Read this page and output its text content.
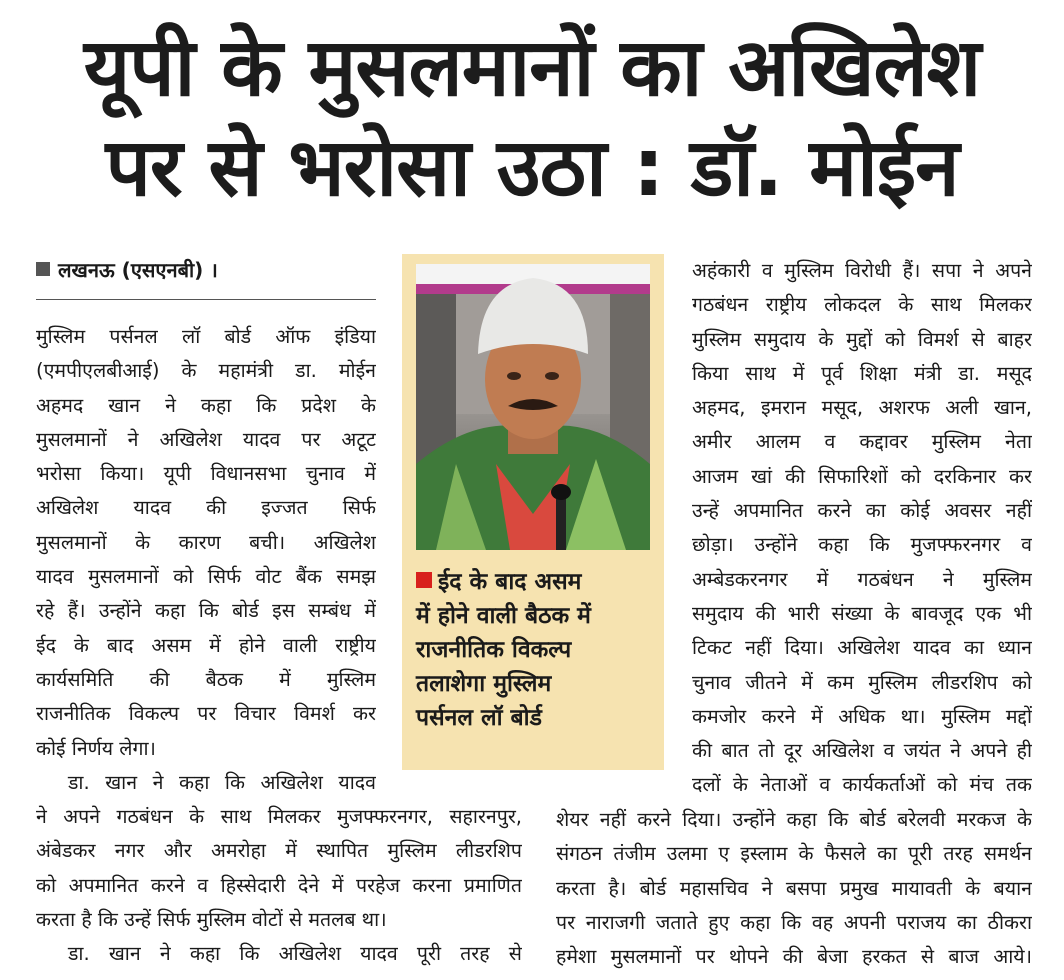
यूपी के मुसलमानों का अखिलेश
पर से भरोसा उठा : डॉ. मोईन
लखनऊ (एसएनबी) ।
मुस्लिम पर्सनल लॉ बोर्ड ऑफ इंडिया
(एमपीएलबीआई) के महामंत्री डा. मोईन
अहमद खान ने कहा कि प्रदेश के
मुसलमानों ने अखिलेश यादव पर अटूट
भरोसा किया। यूपी विधानसभा चुनाव में
अखिलेश यादव की इज्जत सिर्फ
मुसलमानों के कारण बची। अखिलेश
यादव मुसलमानों को सिर्फ वोट बैंक समझ
रहे हैं। उन्होंने कहा कि बोर्ड इस सम्बंध में
ईद के बाद असम में होने वाली राष्ट्रीय
कार्यसमिति की बैठक में मुस्लिम
राजनीतिक विकल्प पर विचार विमर्श कर
कोई निर्णय लेगा।
डा. खान ने कहा कि अखिलेश यादव
ने अपने गठबंधन के साथ मिलकर मुजफ्फरनगर, सहारनपुर,
अंबेडकर नगर और अमरोहा में स्थापित मुस्लिम लीडरशिप
को अपमानित करने व हिस्सेदारी देने में परहेज करना प्रमाणित
करता है कि उन्हें सिर्फ मुस्लिम वोटों से मतलब था।
डा. खान ने कहा कि अखिलेश यादव पूरी तरह से
ईद के बाद असम
में होने वाली बैठक में
राजनीतिक विकल्प
तलाशेगा मुस्लिम
पर्सनल लॉ बोर्ड
अहंकारी व मुस्लिम विरोधी हैं। सपा ने अपने
गठबंधन राष्ट्रीय लोकदल के साथ मिलकर
मुस्लिम समुदाय के मुद्दों को विमर्श से बाहर
किया साथ में पूर्व शिक्षा मंत्री डा. मसूद
अहमद, इमरान मसूद, अशरफ अली खान,
अमीर आलम व कद्दावर मुस्लिम नेता
आजम खां की सिफारिशों को दरकिनार कर
उन्हें अपमानित करने का कोई अवसर नहीं
छोड़ा। उन्होंने कहा कि मुजफ्फरनगर व
अम्बेडकरनगर में गठबंधन ने मुस्लिम
समुदाय की भारी संख्या के बावजूद एक भी
टिकट नहीं दिया। अखिलेश यादव का ध्यान
चुनाव जीतने में कम मुस्लिम लीडरशिप को
कमजोर करने में अधिक था। मुस्लिम मद्दों
की बात तो दूर अखिलेश व जयंत ने अपने ही
दलों के नेताओं व कार्यकर्ताओं को मंच तक
शेयर नहीं करने दिया। उन्होंने कहा कि बोर्ड बरेलवी मरकज के
संगठन तंजीम उलमा ए इस्लाम के फैसले का पूरी तरह समर्थन
करता है। बोर्ड महासचिव ने बसपा प्रमुख मायावती के बयान
पर नाराजगी जताते हुए कहा कि वह अपनी पराजय का ठीकरा
हमेशा मुसलमानों पर थोपने की बेजा हरकत से बाज आये।
